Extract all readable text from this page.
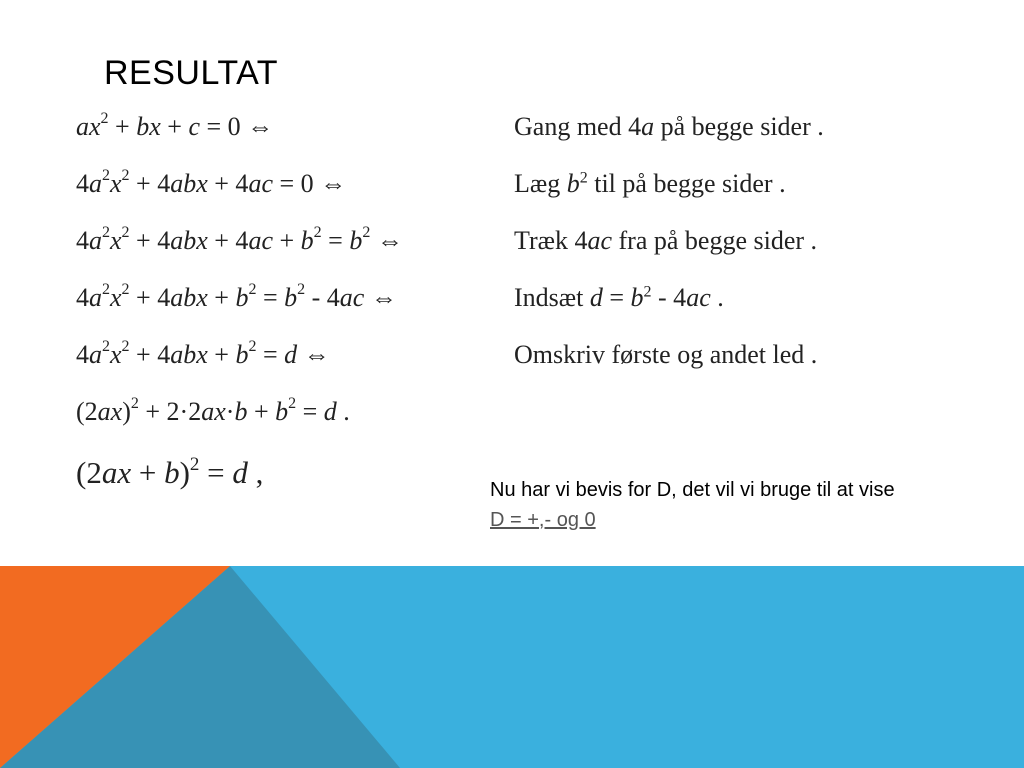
RESULTAT
$ax^2$ + bx + c = 0 ⇔	Gang med 4a på begge sider .
$4a^2x^2 + 4abx + 4ac = 0$ ⇔	Læg $b^2$ til på begge sider .
$4a^2x^2 + 4abx + 4ac + b^2 = b^2$ ⇔	Træk 4ac fra på begge sider .
$4a^2x^2 + 4abx + b^2 = b^2 - 4ac$ ⇔	Indsæt $d = b^2 - 4ac$ .
$4a^2x^2 + 4abx + b^2 = d$ ⇔	Omskriv første og andet led .
$(2ax)^2 + 2\cdot 2ax\cdot b + b^2 = d$ .
$(2ax + b)^2 = d$ ,	Nu har vi bevis for D, det vil vi bruge til at vise
D = +,- og 0
